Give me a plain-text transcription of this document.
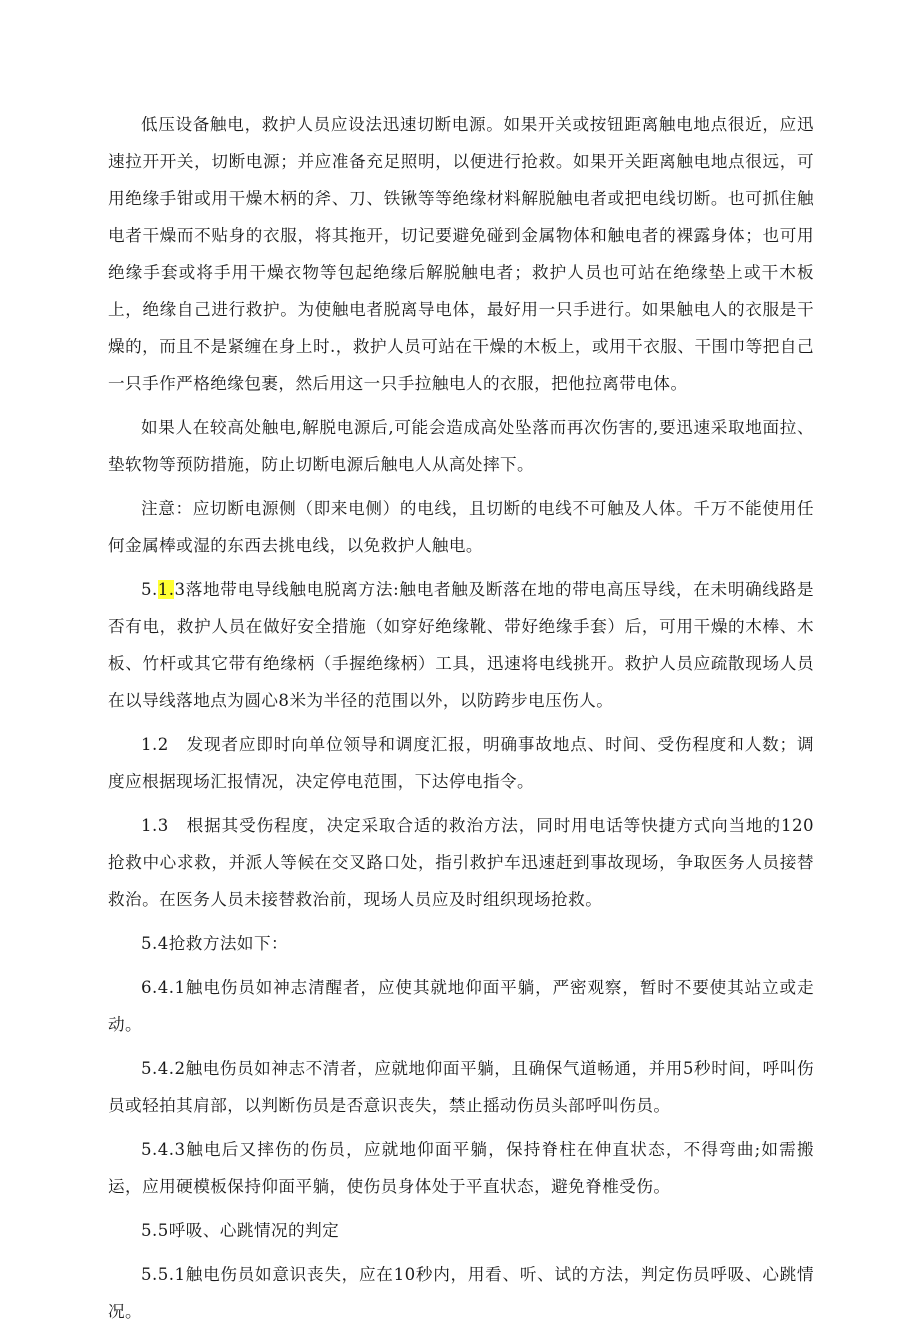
低压设备触电，救护人员应设法迅速切断电源。如果开关或按钮距离触电地点很近，应迅速拉开开关，切断电源；并应准备充足照明，以便进行抢救。如果开关距离触电地点很远，可用绝缘手钳或用干燥木柄的斧、刀、铁锹等等绝缘材料解脱触电者或把电线切断。也可抓住触电者干燥而不贴身的衣服，将其拖开，切记要避免碰到金属物体和触电者的裸露身体；也可用绝缘手套或将手用干燥衣物等包起绝缘后解脱触电者；救护人员也可站在绝缘垫上或干木板上，绝缘自己进行救护。为使触电者脱离导电体，最好用一只手进行。如果触电人的衣服是干燥的，而且不是紧缠在身上时.，救护人员可站在干燥的木板上，或用干衣服、干围巾等把自己一只手作严格绝缘包裹，然后用这一只手拉触电人的衣服，把他拉离带电体。

如果人在较高处触电,解脱电源后,可能会造成高处坠落而再次伤害的,要迅速采取地面拉、垫软物等预防措施，防止切断电源后触电人从高处摔下。

注意：应切断电源侧（即来电侧）的电线，且切断的电线不可触及人体。千万不能使用任何金属棒或湿的东西去挑电线，以免救护人触电。

5.1.3落地带电导线触电脱离方法:触电者触及断落在地的带电高压导线，在未明确线路是否有电，救护人员在做好安全措施（如穿好绝缘靴、带好绝缘手套）后，可用干燥的木棒、木板、竹杆或其它带有绝缘柄（手握绝缘柄）工具，迅速将电线挑开。救护人员应疏散现场人员在以导线落地点为圆心8米为半径的范围以外，以防跨步电压伤人。

1.2　发现者应即时向单位领导和调度汇报，明确事故地点、时间、受伤程度和人数；调度应根据现场汇报情况，决定停电范围，下达停电指令。

1.3　根据其受伤程度，决定采取合适的救治方法，同时用电话等快捷方式向当地的120抢救中心求救，并派人等候在交叉路口处，指引救护车迅速赶到事故现场，争取医务人员接替救治。在医务人员未接替救治前，现场人员应及时组织现场抢救。

5.4抢救方法如下：

6.4.1触电伤员如神志清醒者，应使其就地仰面平躺，严密观察，暂时不要使其站立或走动。

5.4.2触电伤员如神志不清者，应就地仰面平躺，且确保气道畅通，并用5秒时间，呼叫伤员或轻拍其肩部，以判断伤员是否意识丧失，禁止摇动伤员头部呼叫伤员。

5.4.3触电后又摔伤的伤员，应就地仰面平躺，保持脊柱在伸直状态，不得弯曲;如需搬运，应用硬模板保持仰面平躺，使伤员身体处于平直状态，避免脊椎受伤。

5.5呼吸、心跳情况的判定

5.5.1触电伤员如意识丧失，应在10秒内，用看、听、试的方法，判定伤员呼吸、心跳情况。
